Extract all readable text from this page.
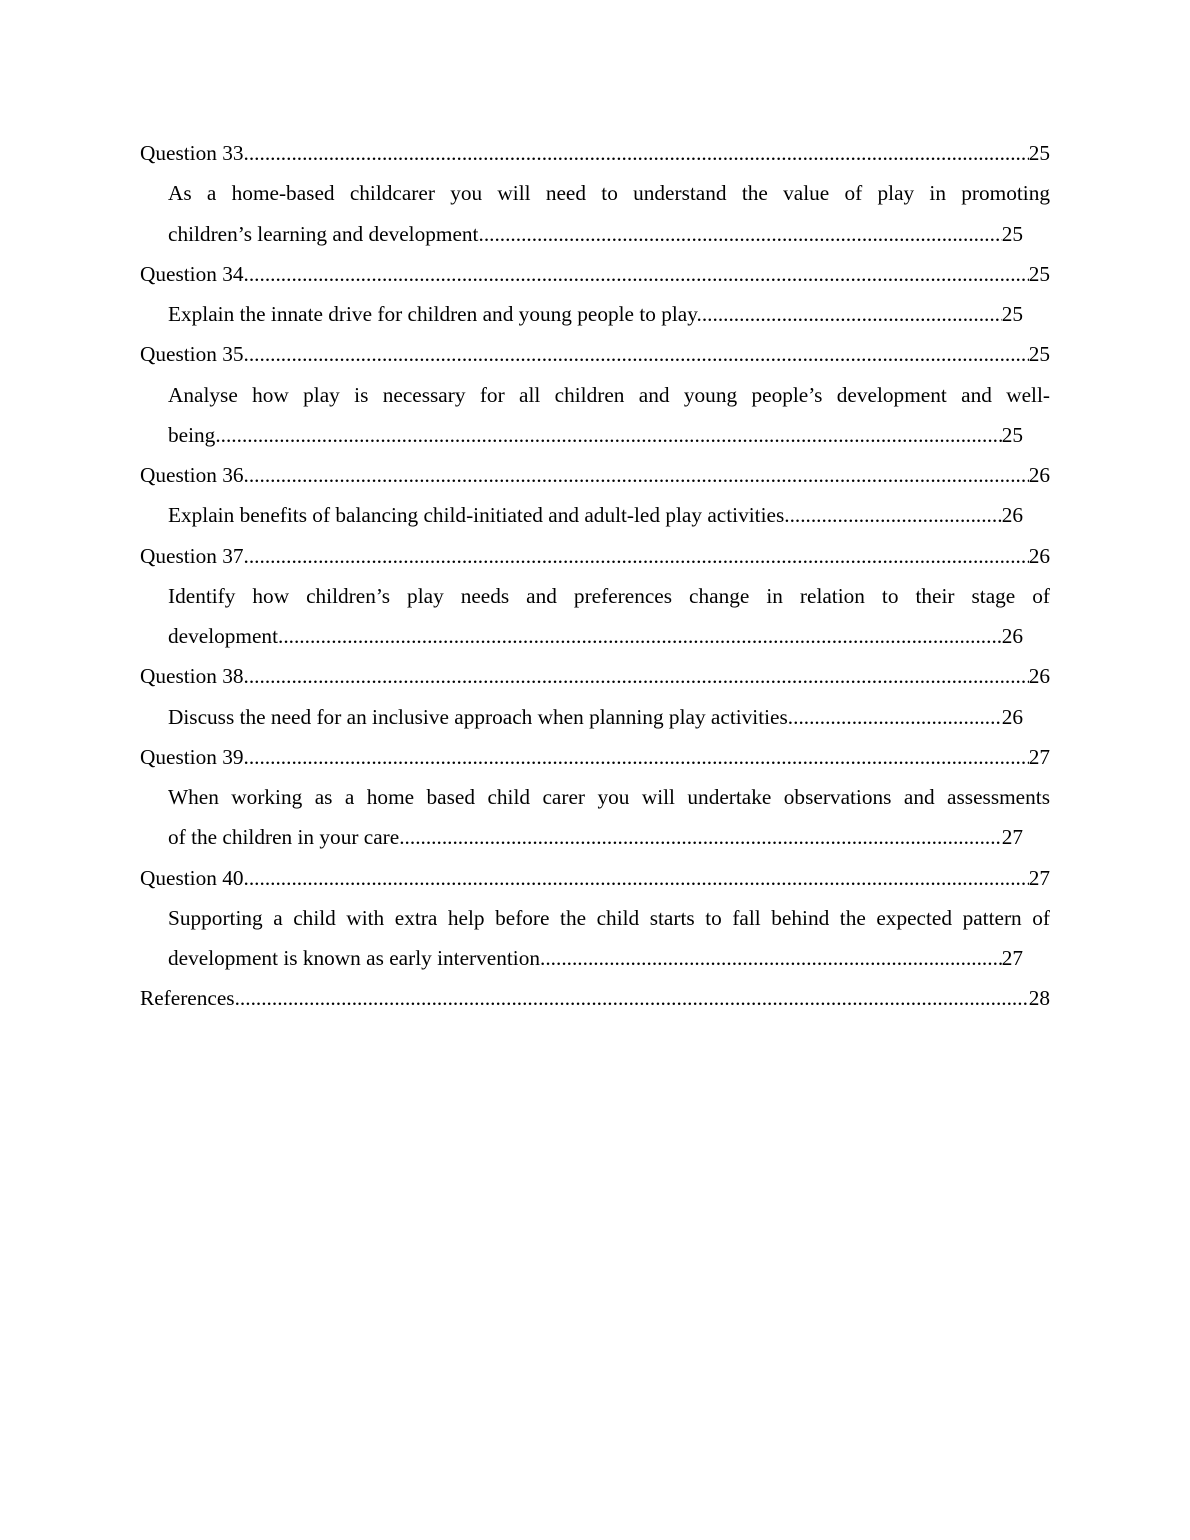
Question 33 .....	25
As a home-based childcarer you will need to understand the value of play in promoting
children’s learning and development. .....	25
Question 34 .....	25
Explain the innate drive for children and young people to play. .....	25
Question 35 .....	25
Analyse how play is necessary for all children and young people’s development and well-
being. .....	25
Question 36 .....	26
Explain benefits of balancing child-initiated and adult-led play activities. .....	26
Question 37 .....	26
Identify how children’s play needs and preferences change in relation to their stage of
development. .....	26
Question 38 .....	26
Discuss the need for an inclusive approach when planning play activities. .....	26
Question 39 .....	27
When working as a home based child carer you will undertake observations and assessments
of the children in your care. .....	27
Question 40 .....	27
Supporting a child with extra help before the child starts to fall behind the expected pattern of
development is known as early intervention. .....	27
References .....	28
